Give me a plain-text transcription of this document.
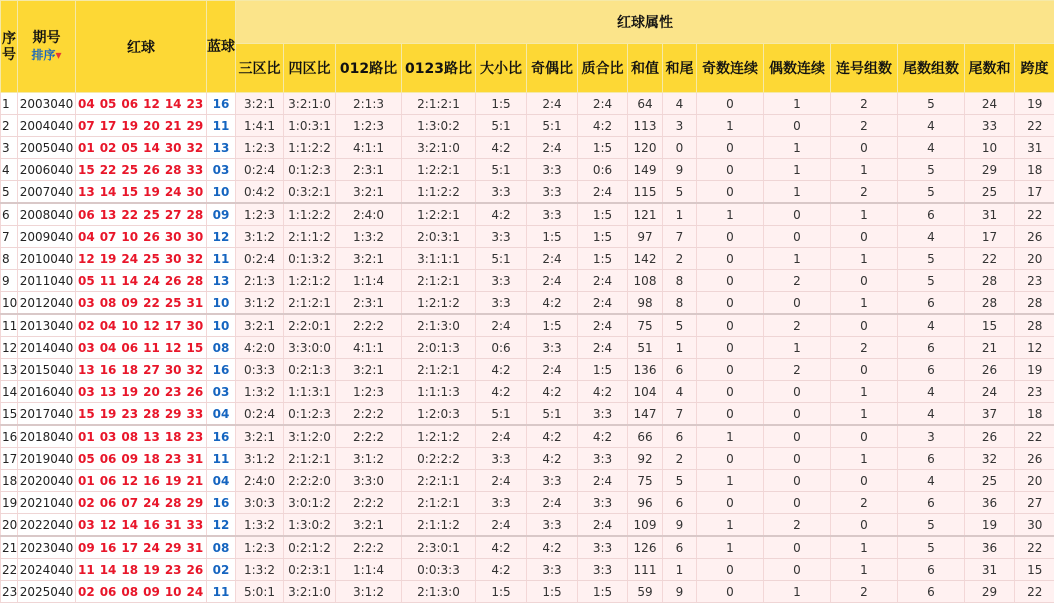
序号	期号
排序▾	红球	蓝球	红球属性														
				三区比	四区比	012路比	0123路比	大小比	奇偶比	质合比	和值	和尾	奇数连续	偶数连续	连号组数	尾数组数	尾数和	跨度
1	2003040	04 05 06 12 14 23	16	3:2:1	3:2:1:0	2:1:3	2:1:2:1	1:5	2:4	2:4	64	4	0	1	2	5	24	19
2	2004040	07 17 19 20 21 29	11	1:4:1	1:0:3:1	1:2:3	1:3:0:2	5:1	5:1	4:2	113	3	1	0	2	4	33	22
3	2005040	01 02 05 14 30 32	13	1:2:3	1:1:2:2	4:1:1	3:2:1:0	4:2	2:4	1:5	120	0	0	1	0	4	10	31
4	2006040	15 22 25 26 28 33	03	0:2:4	0:1:2:3	2:3:1	1:2:2:1	5:1	3:3	0:6	149	9	0	1	1	5	29	18
5	2007040	13 14 15 19 24 30	10	0:4:2	0:3:2:1	3:2:1	1:1:2:2	3:3	3:3	2:4	115	5	0	1	2	5	25	17
6	2008040	06 13 22 25 27 28	09	1:2:3	1:1:2:2	2:4:0	1:2:2:1	4:2	3:3	1:5	121	1	1	0	1	6	31	22
7	2009040	04 07 10 26 30 30	12	3:1:2	2:1:1:2	1:3:2	2:0:3:1	3:3	1:5	1:5	97	7	0	0	0	4	17	26
8	2010040	12 19 24 25 30 32	11	0:2:4	0:1:3:2	3:2:1	3:1:1:1	5:1	2:4	1:5	142	2	0	1	1	5	22	20
9	2011040	05 11 14 24 26 28	13	2:1:3	1:2:1:2	1:1:4	2:1:2:1	3:3	2:4	2:4	108	8	0	2	0	5	28	23
10	2012040	03 08 09 22 25 31	10	3:1:2	2:1:2:1	2:3:1	1:2:1:2	3:3	4:2	2:4	98	8	0	0	1	6	28	28
11	2013040	02 04 10 12 17 30	10	3:2:1	2:2:0:1	2:2:2	2:1:3:0	2:4	1:5	2:4	75	5	0	2	0	4	15	28
12	2014040	03 04 06 11 12 15	08	4:2:0	3:3:0:0	4:1:1	2:0:1:3	0:6	3:3	2:4	51	1	0	1	2	6	21	12
13	2015040	13 16 18 27 30 32	16	0:3:3	0:2:1:3	3:2:1	2:1:2:1	4:2	2:4	1:5	136	6	0	2	0	6	26	19
14	2016040	03 13 19 20 23 26	03	1:3:2	1:1:3:1	1:2:3	1:1:1:3	4:2	4:2	4:2	104	4	0	0	1	4	24	23
15	2017040	15 19 23 28 29 33	04	0:2:4	0:1:2:3	2:2:2	1:2:0:3	5:1	5:1	3:3	147	7	0	0	1	4	37	18
16	2018040	01 03 08 13 18 23	16	3:2:1	3:1:2:0	2:2:2	1:2:1:2	2:4	4:2	4:2	66	6	1	0	0	3	26	22
17	2019040	05 06 09 18 23 31	11	3:1:2	2:1:2:1	3:1:2	0:2:2:2	3:3	4:2	3:3	92	2	0	0	1	6	32	26
18	2020040	01 06 12 16 19 21	04	2:4:0	2:2:2:0	3:3:0	2:2:1:1	2:4	3:3	2:4	75	5	1	0	0	4	25	20
19	2021040	02 06 07 24 28 29	16	3:0:3	3:0:1:2	2:2:2	2:1:2:1	3:3	2:4	3:3	96	6	0	0	2	6	36	27
20	2022040	03 12 14 16 31 33	12	1:3:2	1:3:0:2	3:2:1	2:1:1:2	2:4	3:3	2:4	109	9	1	2	0	5	19	30
21	2023040	09 16 17 24 29 31	08	1:2:3	0:2:1:2	2:2:2	2:3:0:1	4:2	4:2	3:3	126	6	1	0	1	5	36	22
22	2024040	11 14 18 19 23 26	02	1:3:2	0:2:3:1	1:1:4	0:0:3:3	4:2	3:3	3:3	111	1	0	0	1	6	31	15
23	2025040	02 06 08 09 10 24	11	5:0:1	3:2:1:0	3:1:2	2:1:3:0	1:5	1:5	1:5	59	9	0	1	2	6	29	22
